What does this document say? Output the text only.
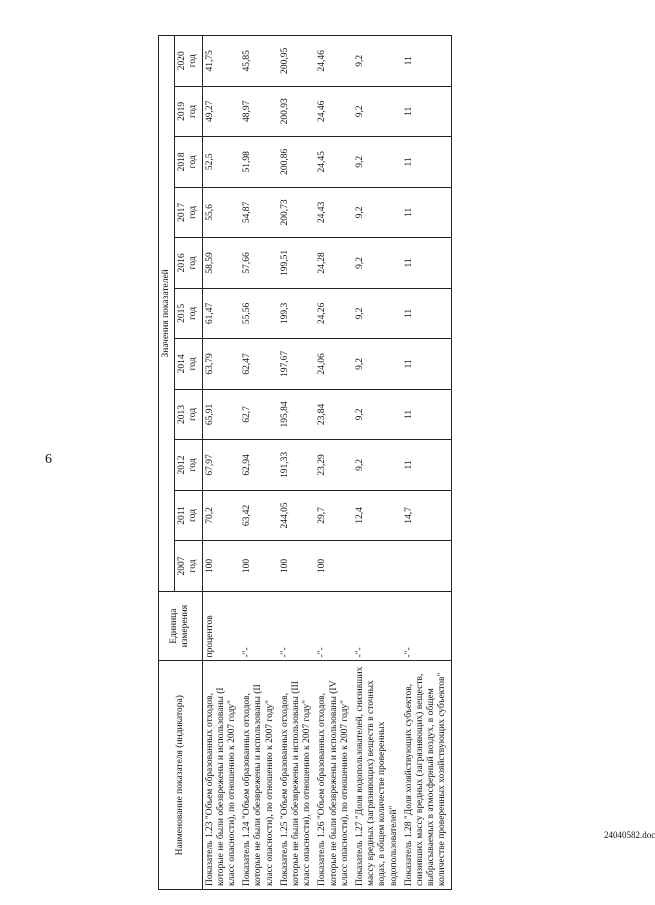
6
24040582.doc
Наименование показателя (индикатора)	Единица измерения	Значения показателей										

		2007 год	2011 год	2012 год	2013 год	2014 год	2015 год	2016 год	2017 год	2018 год	2019 год	2020 год

Показатель 1.23 "Объем образованных отходов, которые не были обезврежены и использованы (I класс опасности), по отношению к 2007 году"	процентов	100	70,2	67,97	65,91	63,79	61,47	58,59	55,6	52,5	49,27	41,75
Показатель 1.24 "Объем образованных отходов, которые не были обезврежены и использованы (II класс опасности), по отношению к 2007 году"	-"-	100	63,42	62,94	62,7	62,47	55,56	57,66	54,87	51,98	48,97	45,85
Показатель 1.25 "Объем образованных отходов, которые не были обезврежены и использованы (III класс опасности), по отношению к 2007 году"	-"-	100	244,05	191,33	195,84	197,67	199,3	199,51	200,73	200,86	200,93	200,95
Показатель 1.26 "Объем образованных отходов, которые не были обезврежены и использованы (IV класс опасности), по отношению к 2007 году"	-"-	100	29,7	23,29	23,84	24,06	24,26	24,28	24,43	24,45	24,46	24,46
Показатель 1.27 "Доля водопользователей, снизивших массу вредных (загрязняющих) веществ в сточных водах, в общем количестве проверенных водопользователей"	-"-		12,4	9,2	9,2	9,2	9,2	9,2	9,2	9,2	9,2	9,2
Показатель 1.28 "Доля хозяйствующих субъектов, снизивших массу вредных (загрязняющих) веществ, выбрасываемых в атмосферный воздух, в общем количестве проверенных хозяйствующих субъектов"	-"-		14,7	11	11	11	11	11	11	11	11	11
